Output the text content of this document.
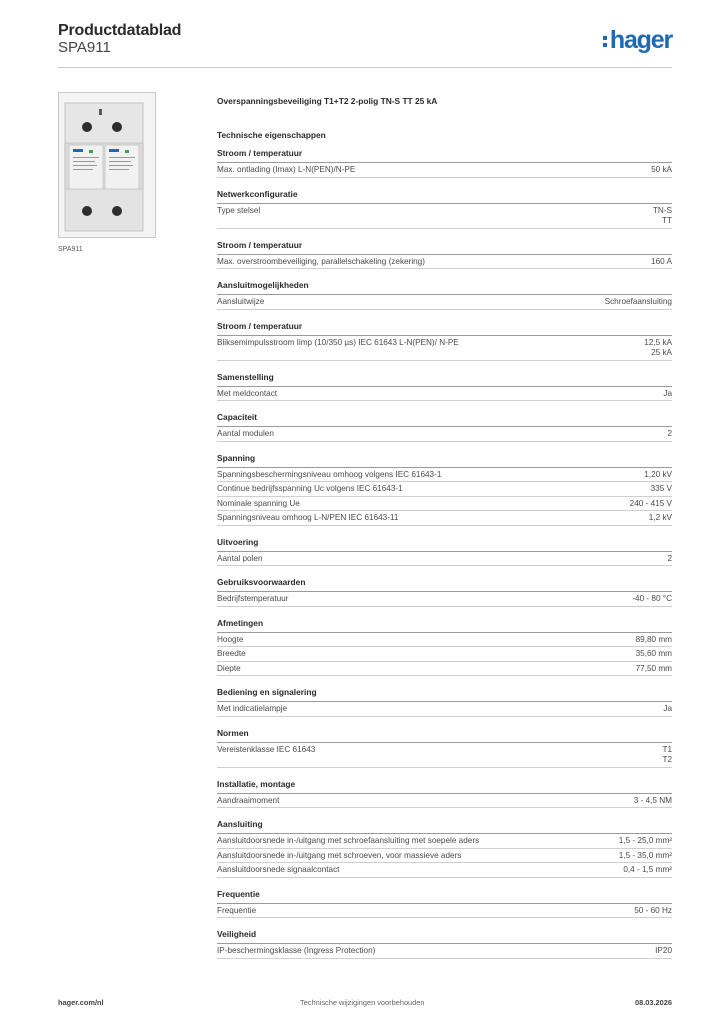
Productdatablad
SPA911	hager
SPA911
Overspanningsbeveiliging T1+T2 2-polig TN-S TT 25 kA
Technische eigenschappen
Stroom / temperatuur
Max. ontlading (Imax) L-N(PEN)/N-PE	50 kA
Netwerkconfiguratie
Type stelsel	TN-S
TT
Stroom / temperatuur
Max. overstroombeveiliging, parallelschakeling (zekering)	160 A
Aansluitmogelijkheden
Aansluitwijze	Schroefaansluiting
Stroom / temperatuur
Bliksemimpulsstroom Iimp (10/350 µs) IEC 61643 L-N(PEN)/ N-PE	12,5 kA
25 kA
Samenstelling
Met meldcontact	Ja
Capaciteit
Aantal modulen	2
Spanning
Spanningsbeschermingsniveau omhoog volgens IEC 61643-1	1,20 kV
Continue bedrijfsspanning Uc volgens IEC 61643-1	335 V
Nominale spanning Ue	240 - 415 V
Spanningsniveau omhoog L-N/PEN IEC 61643-11	1,2 kV
Uitvoering
Aantal polen	2
Gebruiksvoorwaarden
Bedrijfstemperatuur	-40 - 80 °C
Afmetingen
Hoogte	89,80 mm
Breedte	35,60 mm
Diepte	77,50 mm
Bediening en signalering
Met indicatielampje	Ja
Normen
Vereistenklasse IEC 61643	T1
T2
Installatie, montage
Aandraaimoment	3 - 4,5 NM
Aansluiting
Aansluitdoorsnede in-/uitgang met schroefaansluiting met soepele aders	1,5 - 25,0 mm²
Aansluitdoorsnede in-/uitgang met schroeven, voor massieve aders	1,5 - 35,0 mm²
Aansluitdoorsnede signaalcontact	0,4 - 1,5 mm²
Frequentie
Frequentie	50 - 60 Hz
Veiligheid
IP-beschermingsklasse (Ingress Protection)	IP20
hager.com/nl	Technische wijzigingen voorbehouden	08.03.2026
